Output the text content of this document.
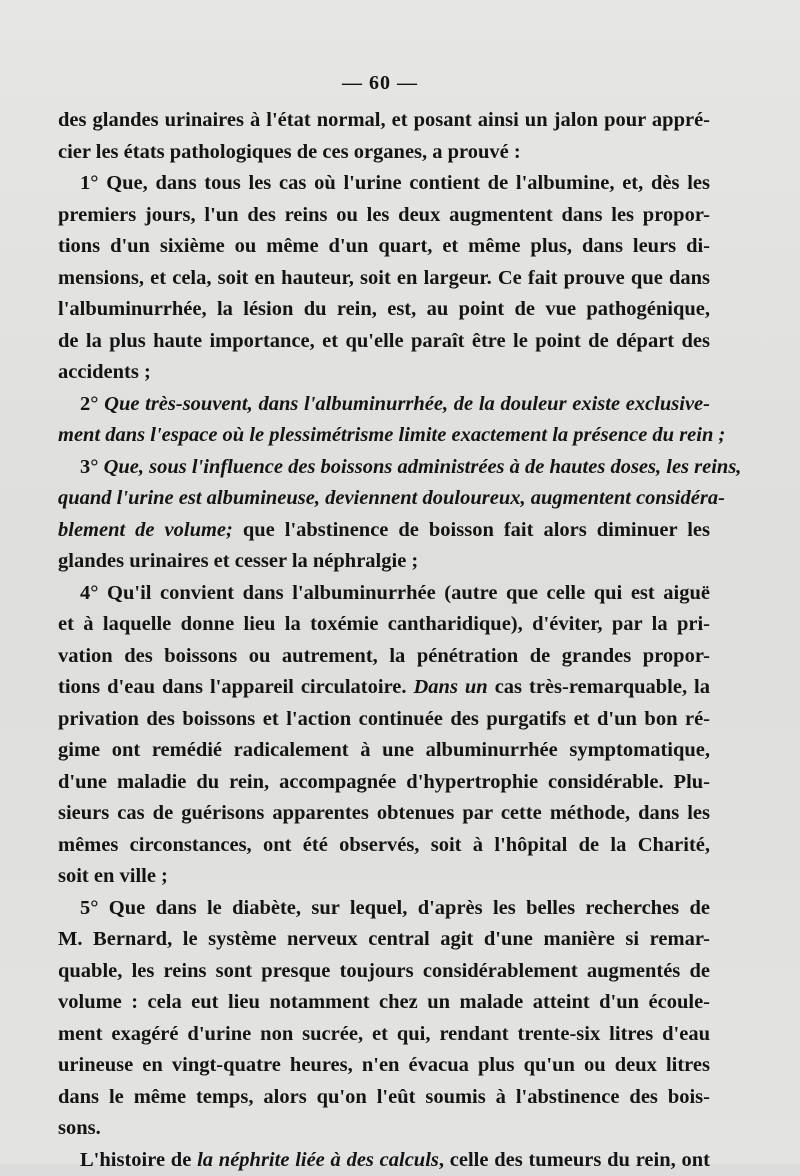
— 60 —
des glandes urinaires à l'état normal, et posant ainsi un jalon pour appré-
cier les états pathologiques de ces organes, a prouvé :
1° Que, dans tous les cas où l'urine contient de l'albumine, et, dès les
premiers jours, l'un des reins ou les deux augmentent dans les propor-
tions d'un sixième ou même d'un quart, et même plus, dans leurs di-
mensions, et cela, soit en hauteur, soit en largeur. Ce fait prouve que dans
l'albuminurrhée, la lésion du rein, est, au point de vue pathogénique,
de la plus haute importance, et qu'elle paraît être le point de départ des
accidents ;
2° Que très-souvent, dans l'albuminurrhée, de la douleur existe exclusive-
ment dans l'espace où le plessimétrisme limite exactement la présence du rein ;
3° Que, sous l'influence des boissons administrées à de hautes doses, les reins,
quand l'urine est albumineuse, deviennent douloureux, augmentent considéra-
blement de volume; que l'abstinence de boisson fait alors diminuer les
glandes urinaires et cesser la néphralgie ;
4° Qu'il convient dans l'albuminurrhée (autre que celle qui est aiguë
et à laquelle donne lieu la toxémie cantharidique), d'éviter, par la pri-
vation des boissons ou autrement, la pénétration de grandes propor-
tions d'eau dans l'appareil circulatoire. Dans un cas très-remarquable, la
privation des boissons et l'action continuée des purgatifs et d'un bon ré-
gime ont remédié radicalement à une albuminurrhée symptomatique,
d'une maladie du rein, accompagnée d'hypertrophie considérable. Plu-
sieurs cas de guérisons apparentes obtenues par cette méthode, dans les
mêmes circonstances, ont été observés, soit à l'hôpital de la Charité,
soit en ville ;
5° Que dans le diabète, sur lequel, d'après les belles recherches de
M. Bernard, le système nerveux central agit d'une manière si remar-
quable, les reins sont presque toujours considérablement augmentés de
volume : cela eut lieu notamment chez un malade atteint d'un écoule-
ment exagéré d'urine non sucrée, et qui, rendant trente-six litres d'eau
urineuse en vingt-quatre heures, n'en évacua plus qu'un ou deux litres
dans le même temps, alors qu'on l'eût soumis à l'abstinence des bois-
sons.
L'histoire de la néphrite liée à des calculs, celle des tumeurs du rein, ont
